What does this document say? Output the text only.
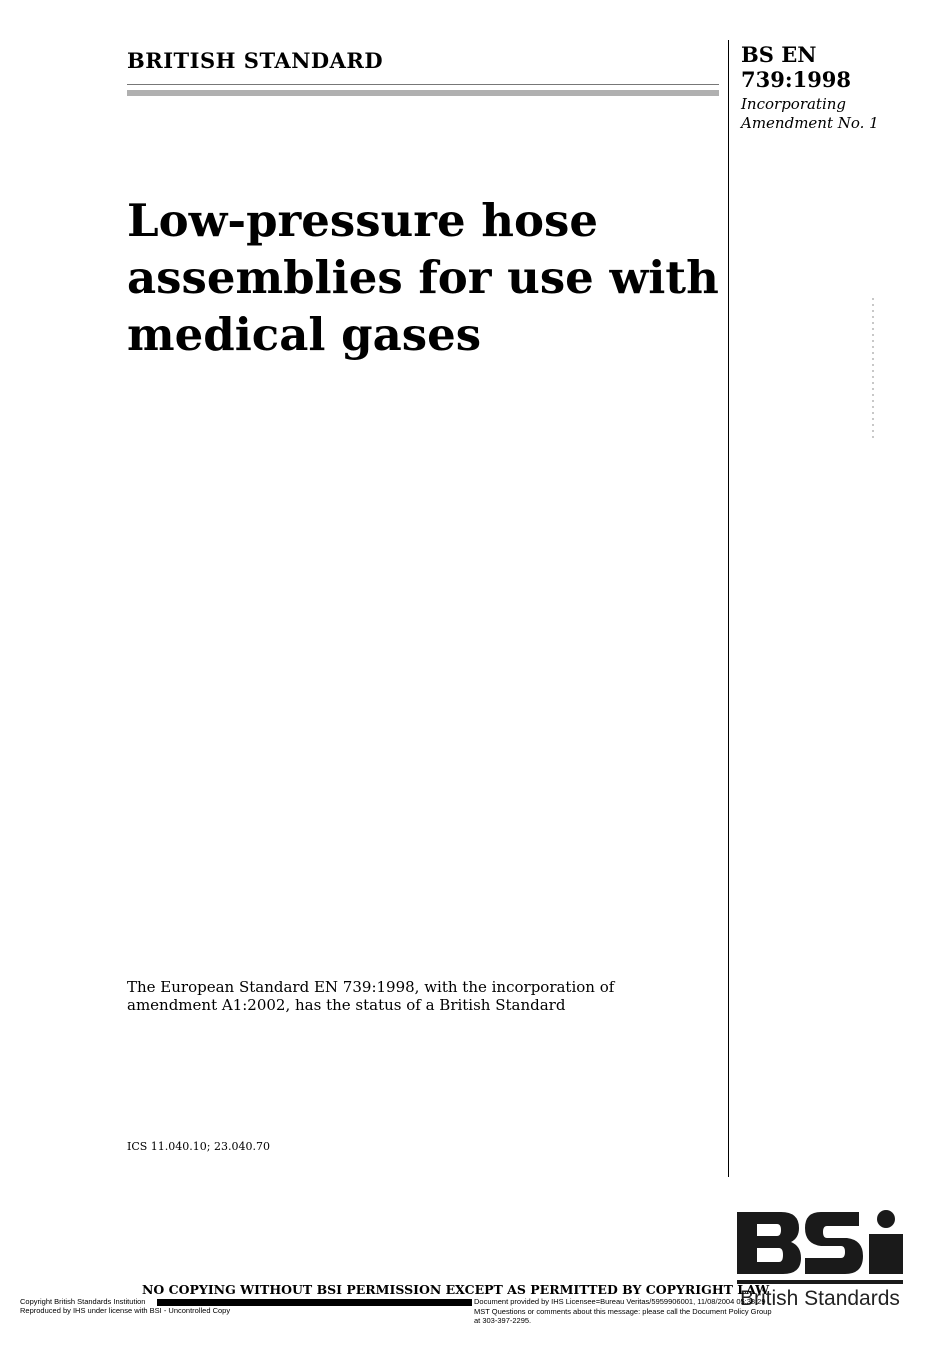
BRITISH STANDARD	BS EN 739:1998
Incorporating Amendment No. 1
Low-pressure hose assemblies for use with medical gases
The European Standard EN 739:1998, with the incorporation of amendment A1:2002, has the status of a British Standard
ICS 11.040.10; 23.040.70
British Standards
NO COPYING WITHOUT BSI PERMISSION EXCEPT AS PERMITTED BY COPYRIGHT LAW
Copyright British Standards Institution
Reproduced by IHS under license with BSI - Uncontrolled Copy
Document provided by IHS Licensee=Bureau Veritas/5959906001, 11/08/2004 05:38:29 MST Questions or comments about this message: please call the Document Policy Group at 303-397-2295.
